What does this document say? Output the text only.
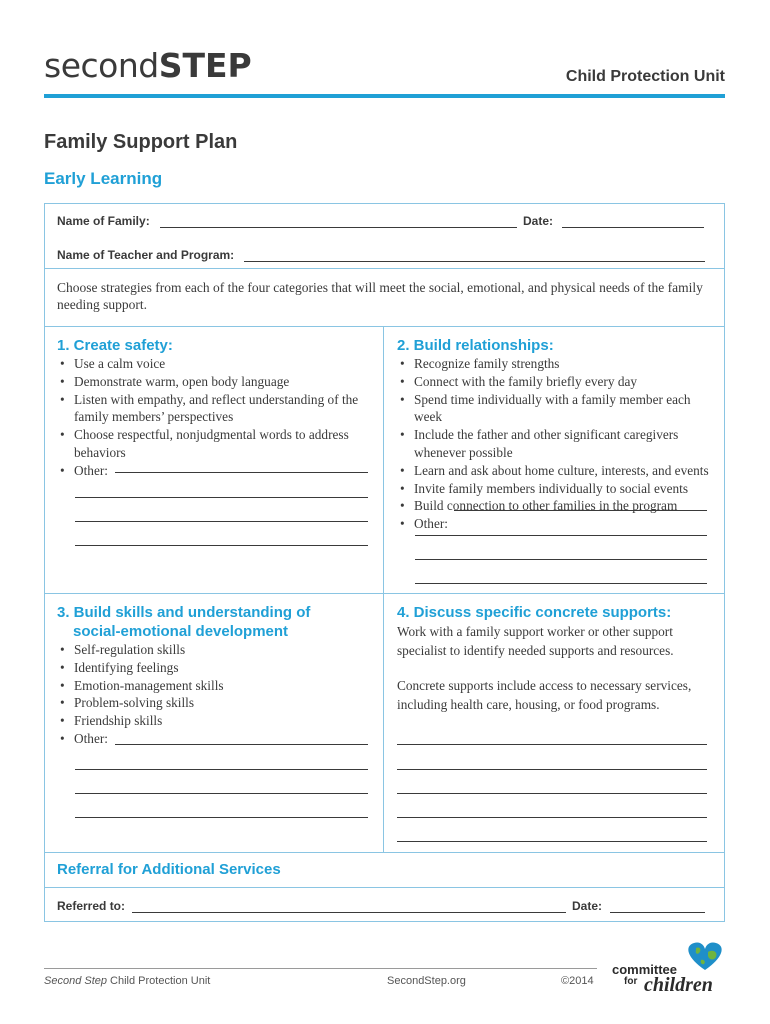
secondSTEP	Child Protection Unit
Family Support Plan
Early Learning
Name of Family:	Date:
Name of Teacher and Program:
Choose strategies from each of the four categories that will meet the social, emotional, and physical needs of the family needing support.
1. Create safety:
• Use a calm voice
• Demonstrate warm, open body language
• Listen with empathy, and reflect understanding of the family members’ perspectives
• Choose respectful, nonjudgmental words to address behaviors
• Other:
2. Build relationships:
• Recognize family strengths
• Connect with the family briefly every day
• Spend time individually with a family member each week
• Include the father and other significant caregivers whenever possible
• Learn and ask about home culture, interests, and events
• Invite family members individually to social events
• Build connection to other families in the program
• Other:
3. Build skills and understanding of
social-emotional development
• Self-regulation skills
• Identifying feelings
• Emotion-management skills
• Problem-solving skills
• Friendship skills
• Other:
4. Discuss specific concrete supports:
Work with a family support worker or other support specialist to identify needed supports and resources.
Concrete supports include access to necessary services, including health care, housing, or food programs.
Referral for Additional Services
Referred to:	Date:
Second Step Child Protection Unit	SecondStep.org	©2014
committee
for children
